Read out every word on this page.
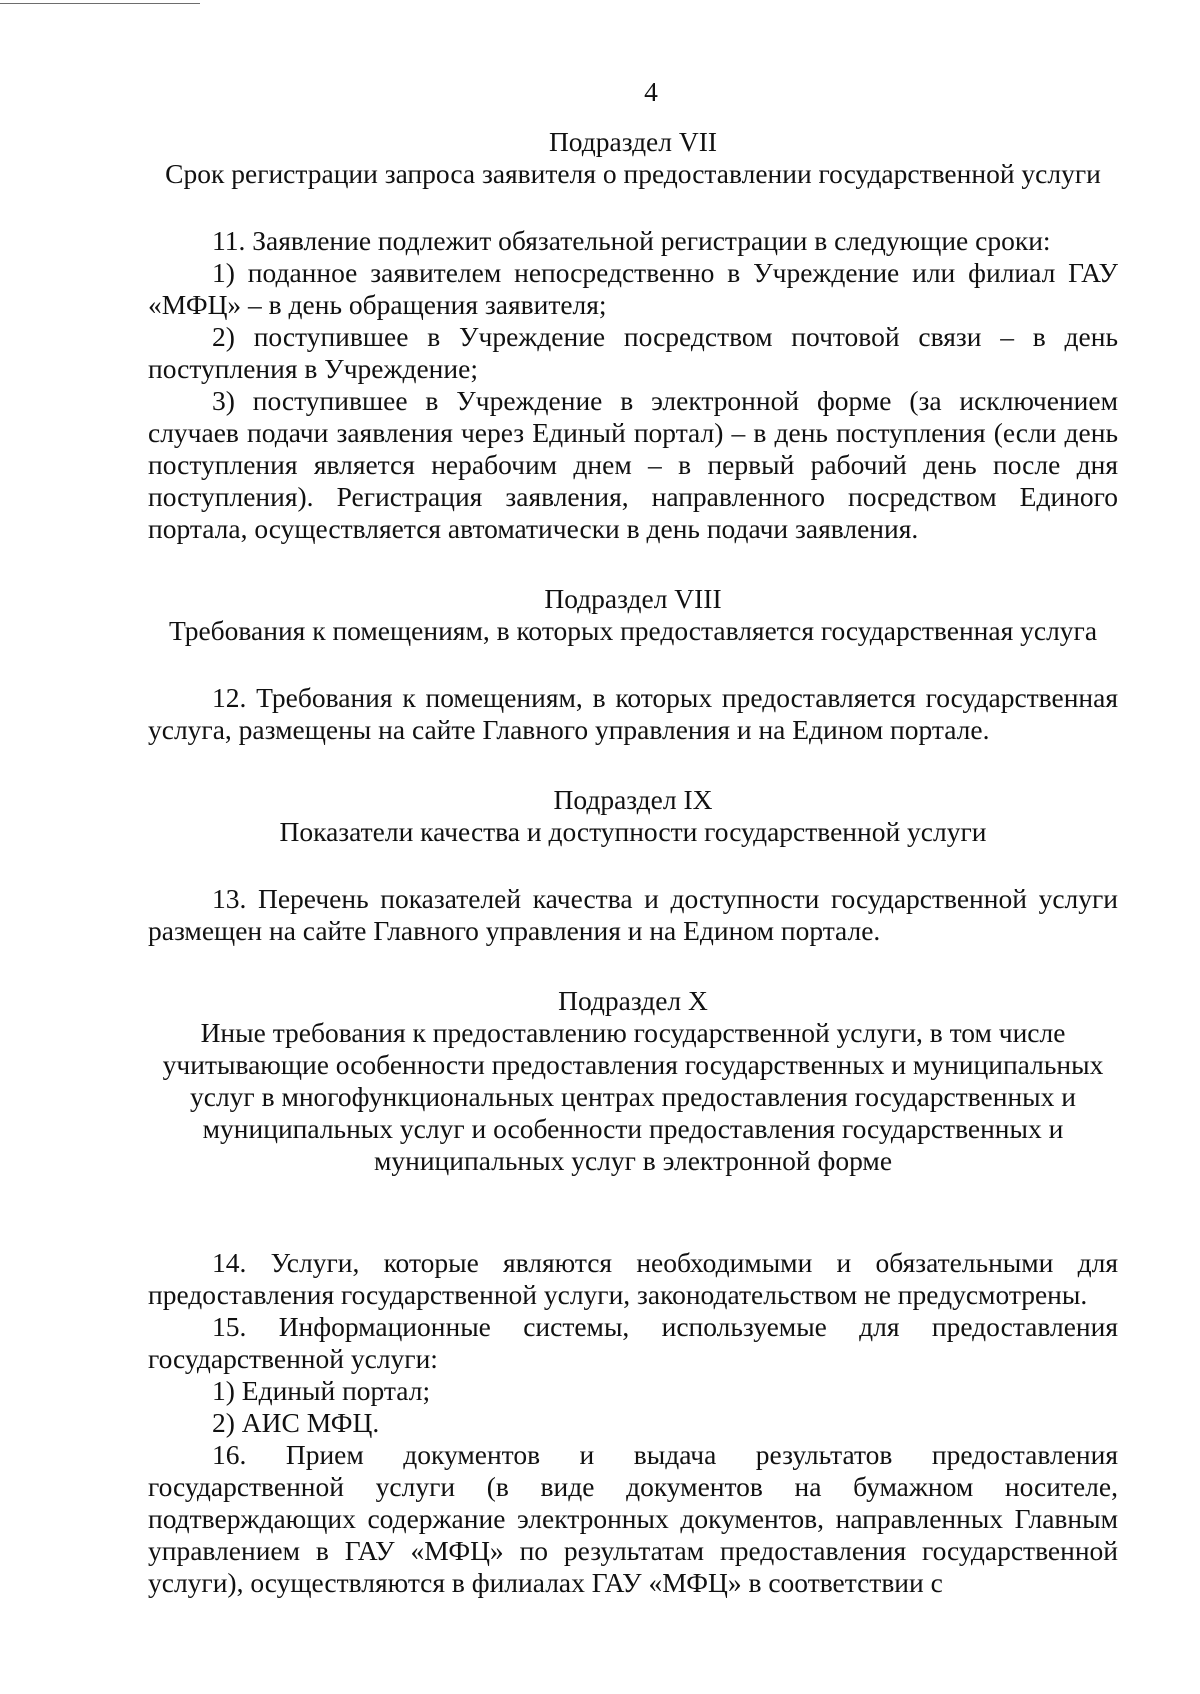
4
Подраздел VII
Срок регистрации запроса заявителя о предоставлении государственной услуги

11. Заявление подлежит обязательной регистрации в следующие сроки:

1) поданное заявителем непосредственно в Учреждение или филиал ГАУ «МФЦ» – в день обращения заявителя;

2) поступившее в Учреждение посредством почтовой связи – в день поступления в Учреждение;

3) поступившее в Учреждение в электронной форме (за исключением случаев подачи заявления через Единый портал) – в день поступления (если день поступления является нерабочим днем – в первый рабочий день после дня поступления). Регистрация заявления, направленного посредством Единого портала, осуществляется автоматически в день подачи заявления.

Подраздел VIII
Требования к помещениям, в которых предоставляется государственная услуга

12. Требования к помещениям, в которых предоставляется государственная услуга, размещены на сайте Главного управления и на Едином портале.

Подраздел IX
Показатели качества и доступности государственной услуги

13. Перечень показателей качества и доступности государственной услуги размещен на сайте Главного управления и на Едином портале.

Подраздел X
Иные требования к предоставлению государственной услуги, в том числе
учитывающие особенности предоставления государственных и муниципальных
услуг в многофункциональных центрах предоставления государственных и
муниципальных услуг и особенности предоставления государственных и
муниципальных услуг в электронной форме

14. Услуги, которые являются необходимыми и обязательными для предоставления государственной услуги, законодательством не предусмотрены.

15. Информационные системы, используемые для предоставления государственной услуги:

1) Единый портал;

2) АИС МФЦ.

16. Прием документов и выдача результатов предоставления государственной услуги (в виде документов на бумажном носителе, подтверждающих содержание электронных документов, направленных Главным управлением в ГАУ «МФЦ» по результатам предоставления государственной услуги), осуществляются в филиалах ГАУ «МФЦ» в соответствии с
